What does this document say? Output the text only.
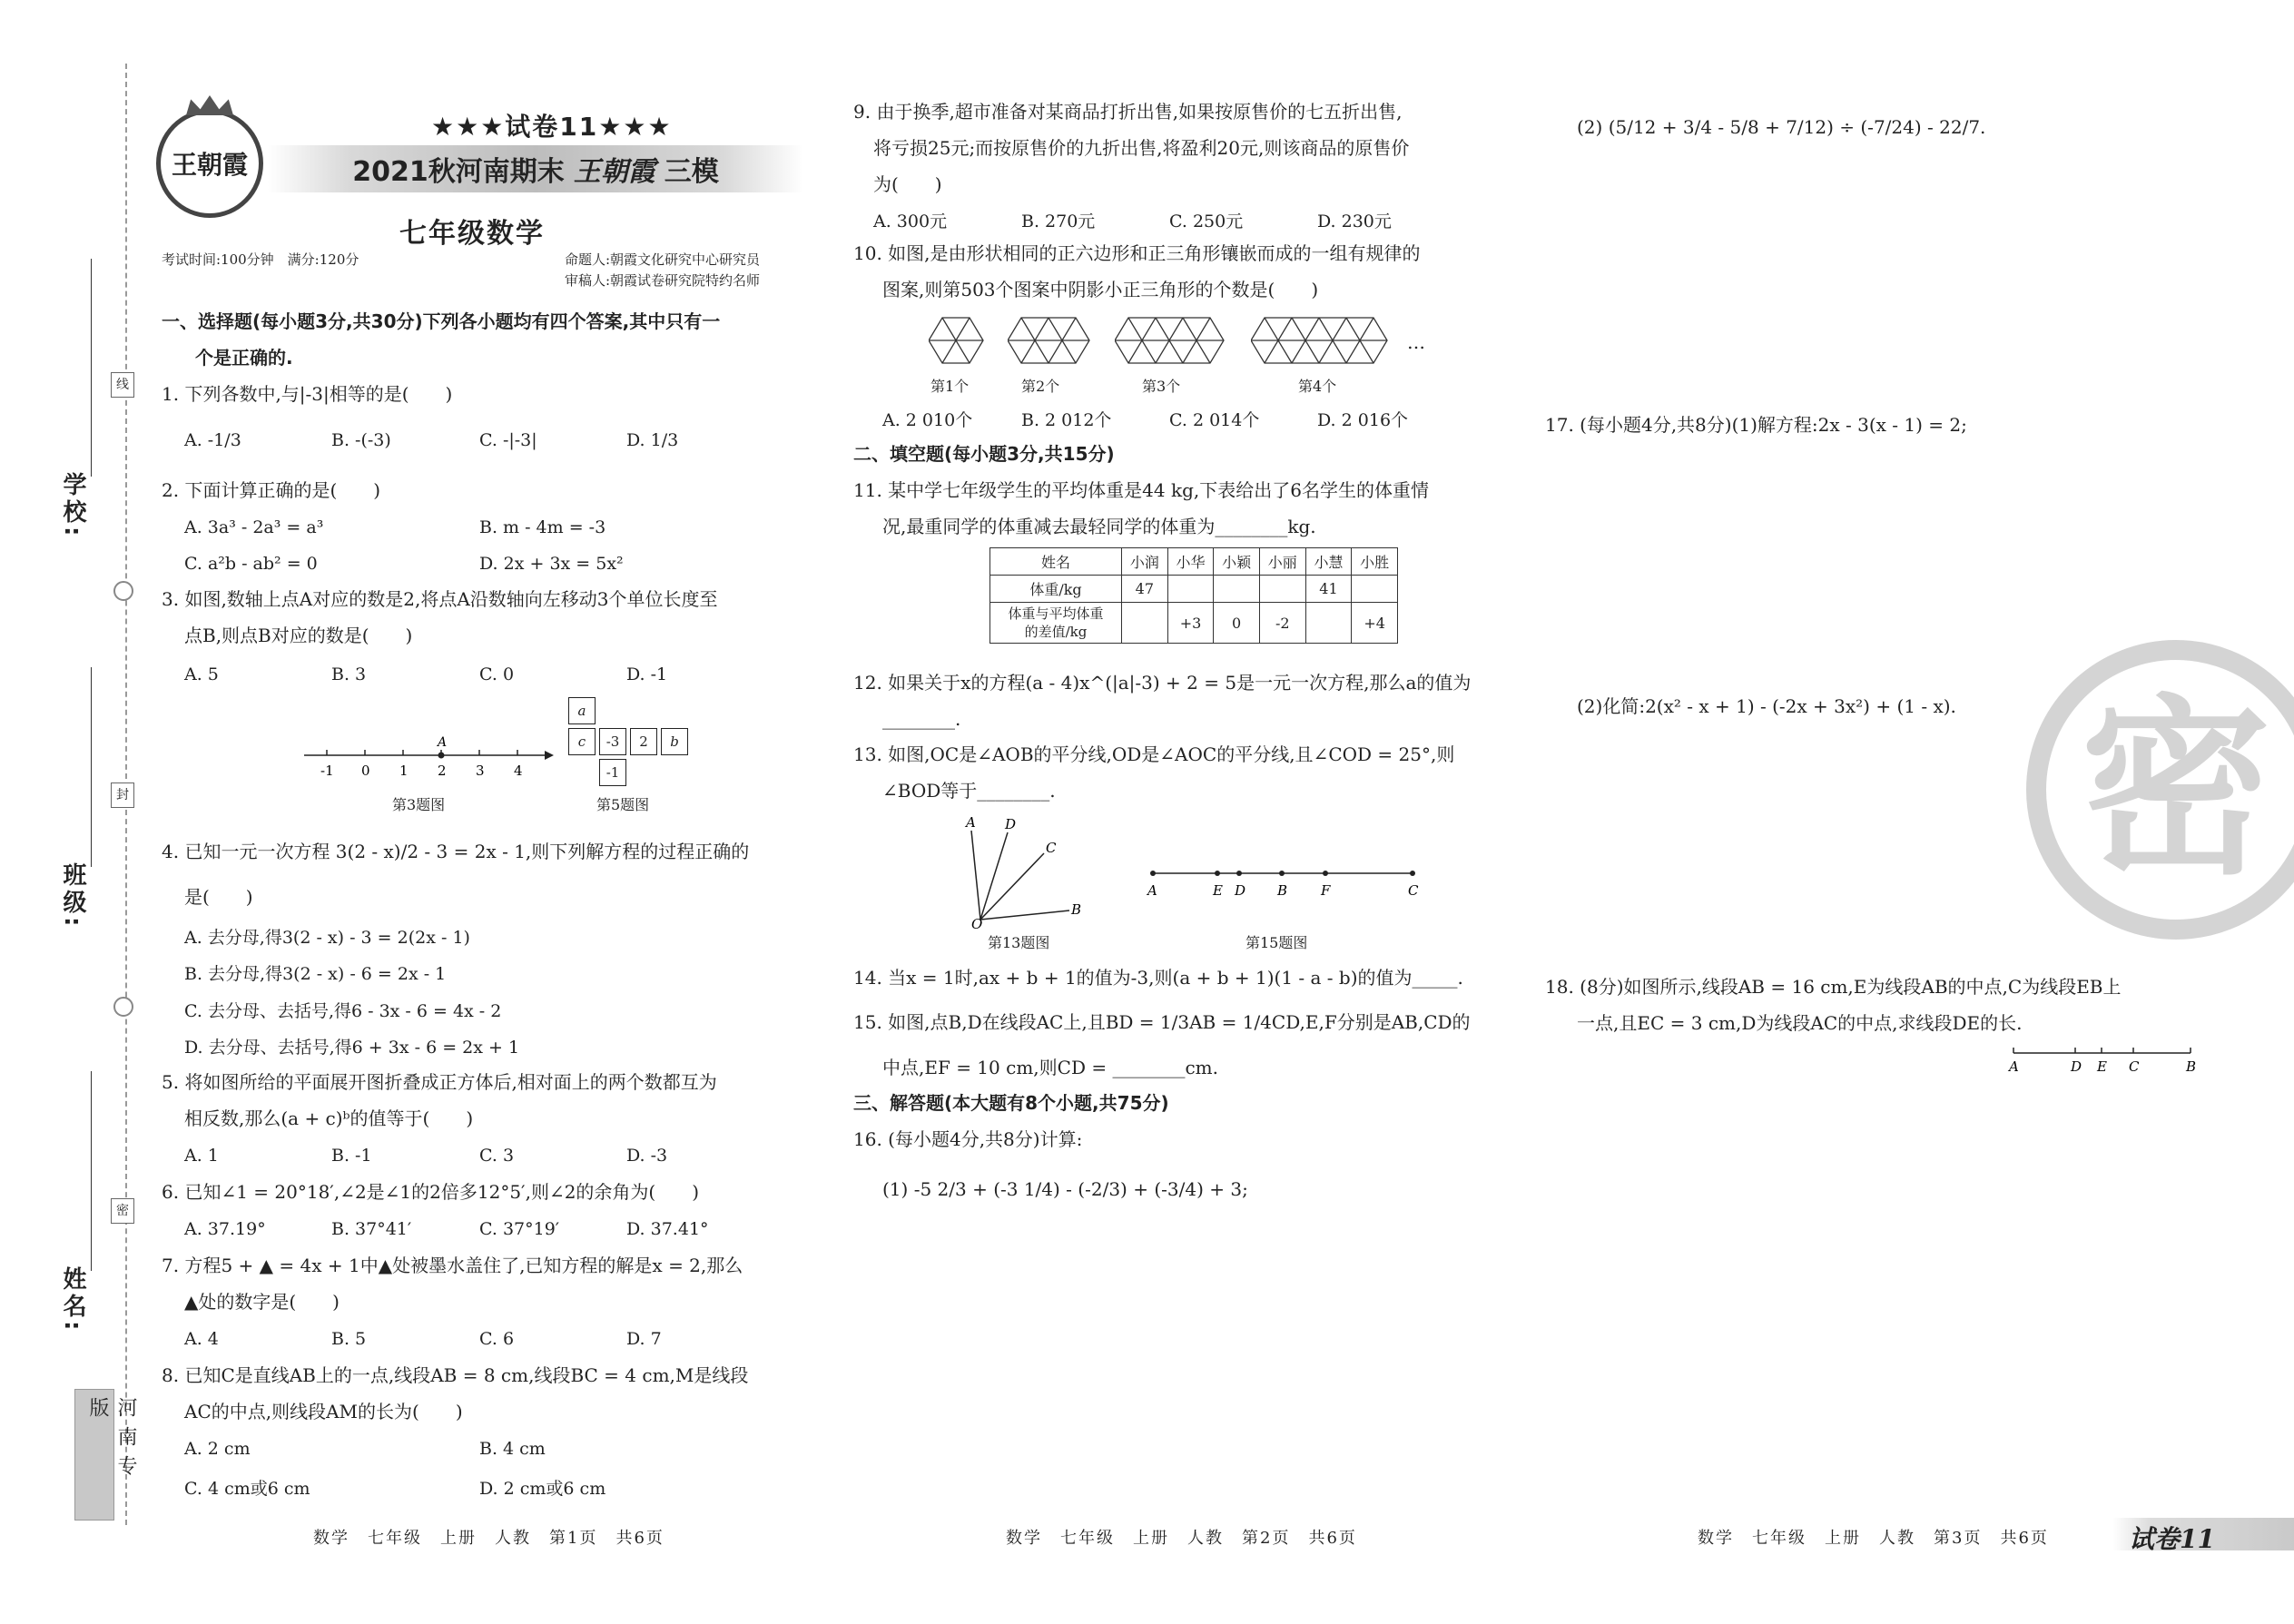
学校:
班级:
姓名:
线
封
密
河南专版
王朝霞
★★★试卷11★★★
2021秋河南期末 王朝霞 三模
七年级数学
考试时间:100分钟　满分:120分	命题人:朝霞文化研究中心研究员
审稿人:朝霞试卷研究院特约名师
一、选择题(每小题3分,共30分)下列各小题均有四个答案,其中只有一
个是正确的.
1. 下列各数中,与|-3|相等的是(　　)
A. -1/3	B. -(-3)	C. -|-3|	D. 1/3
2. 下面计算正确的是(　　)
A. 3a³ - 2a³ = a³	B. m - 4m = -3
C. a²b - ab² = 0	D. 2x + 3x = 5x²
3. 如图,数轴上点A对应的数是2,将点A沿数轴向左移动3个单位长度至
点B,则点B对应的数是(　　)
A. 5	B. 3	C. 0	D. -1
A
-1 0 1 2 3 4
第3题图
a
c	-3	2	b
-1
第5题图
4. 已知一元一次方程 3(2 - x)/2 - 3 = 2x - 1,则下列解方程的过程正确的
是(　　)
A. 去分母,得3(2 - x) - 3 = 2(2x - 1)
B. 去分母,得3(2 - x) - 6 = 2x - 1
C. 去分母、去括号,得6 - 3x - 6 = 4x - 2
D. 去分母、去括号,得6 + 3x - 6 = 2x + 1
5. 将如图所给的平面展开图折叠成正方体后,相对面上的两个数都互为
相反数,那么(a + c)ᵇ的值等于(　　)
A. 1	B. -1	C. 3	D. -3
6. 已知∠1 = 20°18′,∠2是∠1的2倍多12°5′,则∠2的余角为(　　)
A. 37.19°	B. 37°41′	C. 37°19′	D. 37.41°
7. 方程5 + ▲ = 4x + 1中▲处被墨水盖住了,已知方程的解是x = 2,那么
▲处的数字是(　　)
A. 4	B. 5	C. 6	D. 7
8. 已知C是直线AB上的一点,线段AB = 8 cm,线段BC = 4 cm,M是线段
AC的中点,则线段AM的长为(　　)
A. 2 cm	B. 4 cm
C. 4 cm或6 cm	D. 2 cm或6 cm
数学　七年级　上册　人教　第1页　共6页
9. 由于换季,超市准备对某商品打折出售,如果按原售价的七五折出售,
将亏损25元;而按原售价的九折出售,将盈利20元,则该商品的原售价
为(　　)
A. 300元	B. 270元	C. 250元	D. 230元
10. 如图,是由形状相同的正六边形和正三角形镶嵌而成的一组有规律的
图案,则第503个图案中阴影小正三角形的个数是(　　)
…
第1个	第2个	第3个	第4个
A. 2 010个	B. 2 012个	C. 2 014个	D. 2 016个
二、填空题(每小题3分,共15分)
11. 某中学七年级学生的平均体重是44 kg,下表给出了6名学生的体重情
况,最重同学的体重减去最轻同学的体重为________kg.
姓名	小润	小华	小颖	小丽	小慧	小胜
体重/kg	47				41	

体重与平均体重
的差值/kg		+3	0	-2		+4
12. 如果关于x的方程(a - 4)x^(|a|-3) + 2 = 5是一元一次方程,那么a的值为
________.
13. 如图,OC是∠AOB的平分线,OD是∠AOC的平分线,且∠COD = 25°,则
∠BOD等于________.
A D
C
B
O
第13题图
A	E D B F	C
第15题图
14. 当x = 1时,ax + b + 1的值为-3,则(a + b + 1)(1 - a - b)的值为_____.
15. 如图,点B,D在线段AC上,且BD = 1/3AB = 1/4CD,E,F分别是AB,CD的
中点,EF = 10 cm,则CD = ________cm.
三、解答题(本大题有8个小题,共75分)
16. (每小题4分,共8分)计算:
(1) -5 2/3 + (-3 1/4) - (-2/3) + (-3/4) + 3;
数学　七年级　上册　人教　第2页　共6页
(2) (5/12 + 3/4 - 5/8 + 7/12) ÷ (-7/24) - 22/7.
17. (每小题4分,共8分)(1)解方程:2x - 3(x - 1) = 2;
(2)化简:2(x² - x + 1) - (-2x + 3x²) + (1 - x). 密
18. (8分)如图所示,线段AB = 16 cm,E为线段AB的中点,C为线段EB上
一点,且EC = 3 cm,D为线段AC的中点,求线段DE的长.
A	D E C	B
数学　七年级　上册　人教　第3页　共6页	试卷11
